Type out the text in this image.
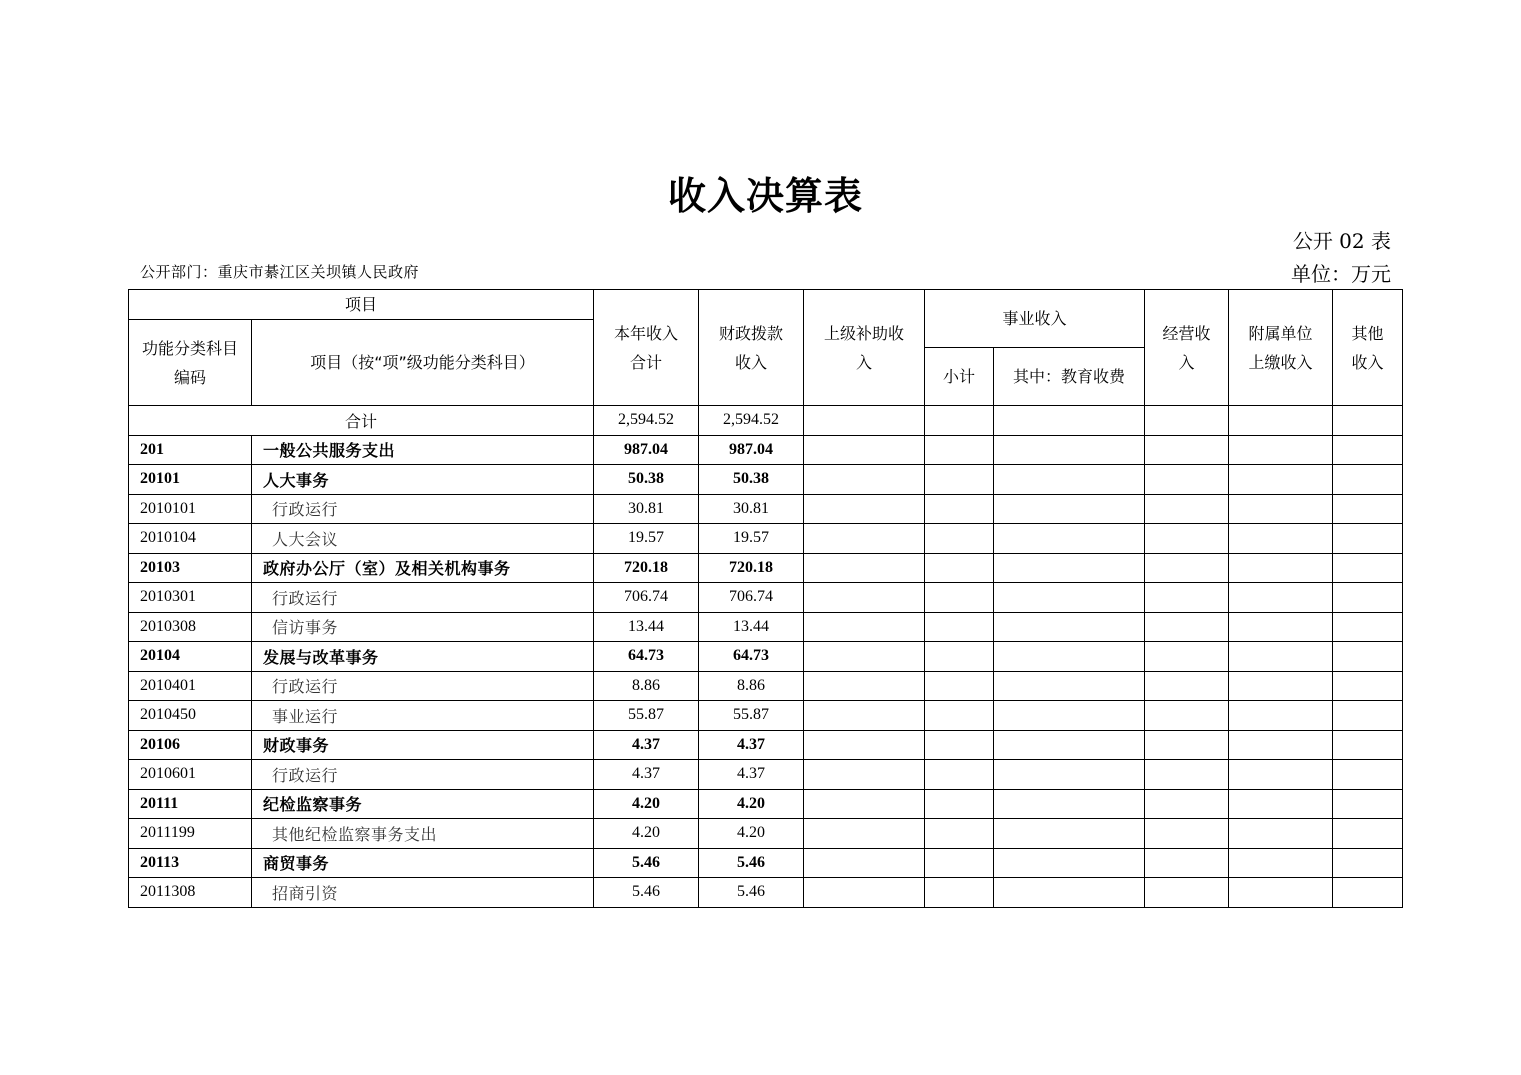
收入决算表
公开 02 表
公开部门：重庆市綦江区关坝镇人民政府	单位：万元
项目		本年收入合计	财政拨款收入	上级补助收入	事业收入		经营收入	附属单位上缴收入	其他收入

功能分类科目编码	项目（按“项”级功能分类科目）								
					小计	其中：教育收费			
合计		2,594.52	2,594.52						
201	一般公共服务支出	987.04	987.04						
20101	人大事务	50.38	50.38						
2010101	行政运行	30.81	30.81						
2010104	人大会议	19.57	19.57						
20103	政府办公厅（室）及相关机构事务	720.18	720.18						
2010301	行政运行	706.74	706.74						
2010308	信访事务	13.44	13.44						
20104	发展与改革事务	64.73	64.73						
2010401	行政运行	8.86	8.86						
2010450	事业运行	55.87	55.87						
20106	财政事务	4.37	4.37						
2010601	行政运行	4.37	4.37						
20111	纪检监察事务	4.20	4.20						
2011199	其他纪检监察事务支出	4.20	4.20						
20113	商贸事务	5.46	5.46						
2011308	招商引资	5.46	5.46						
